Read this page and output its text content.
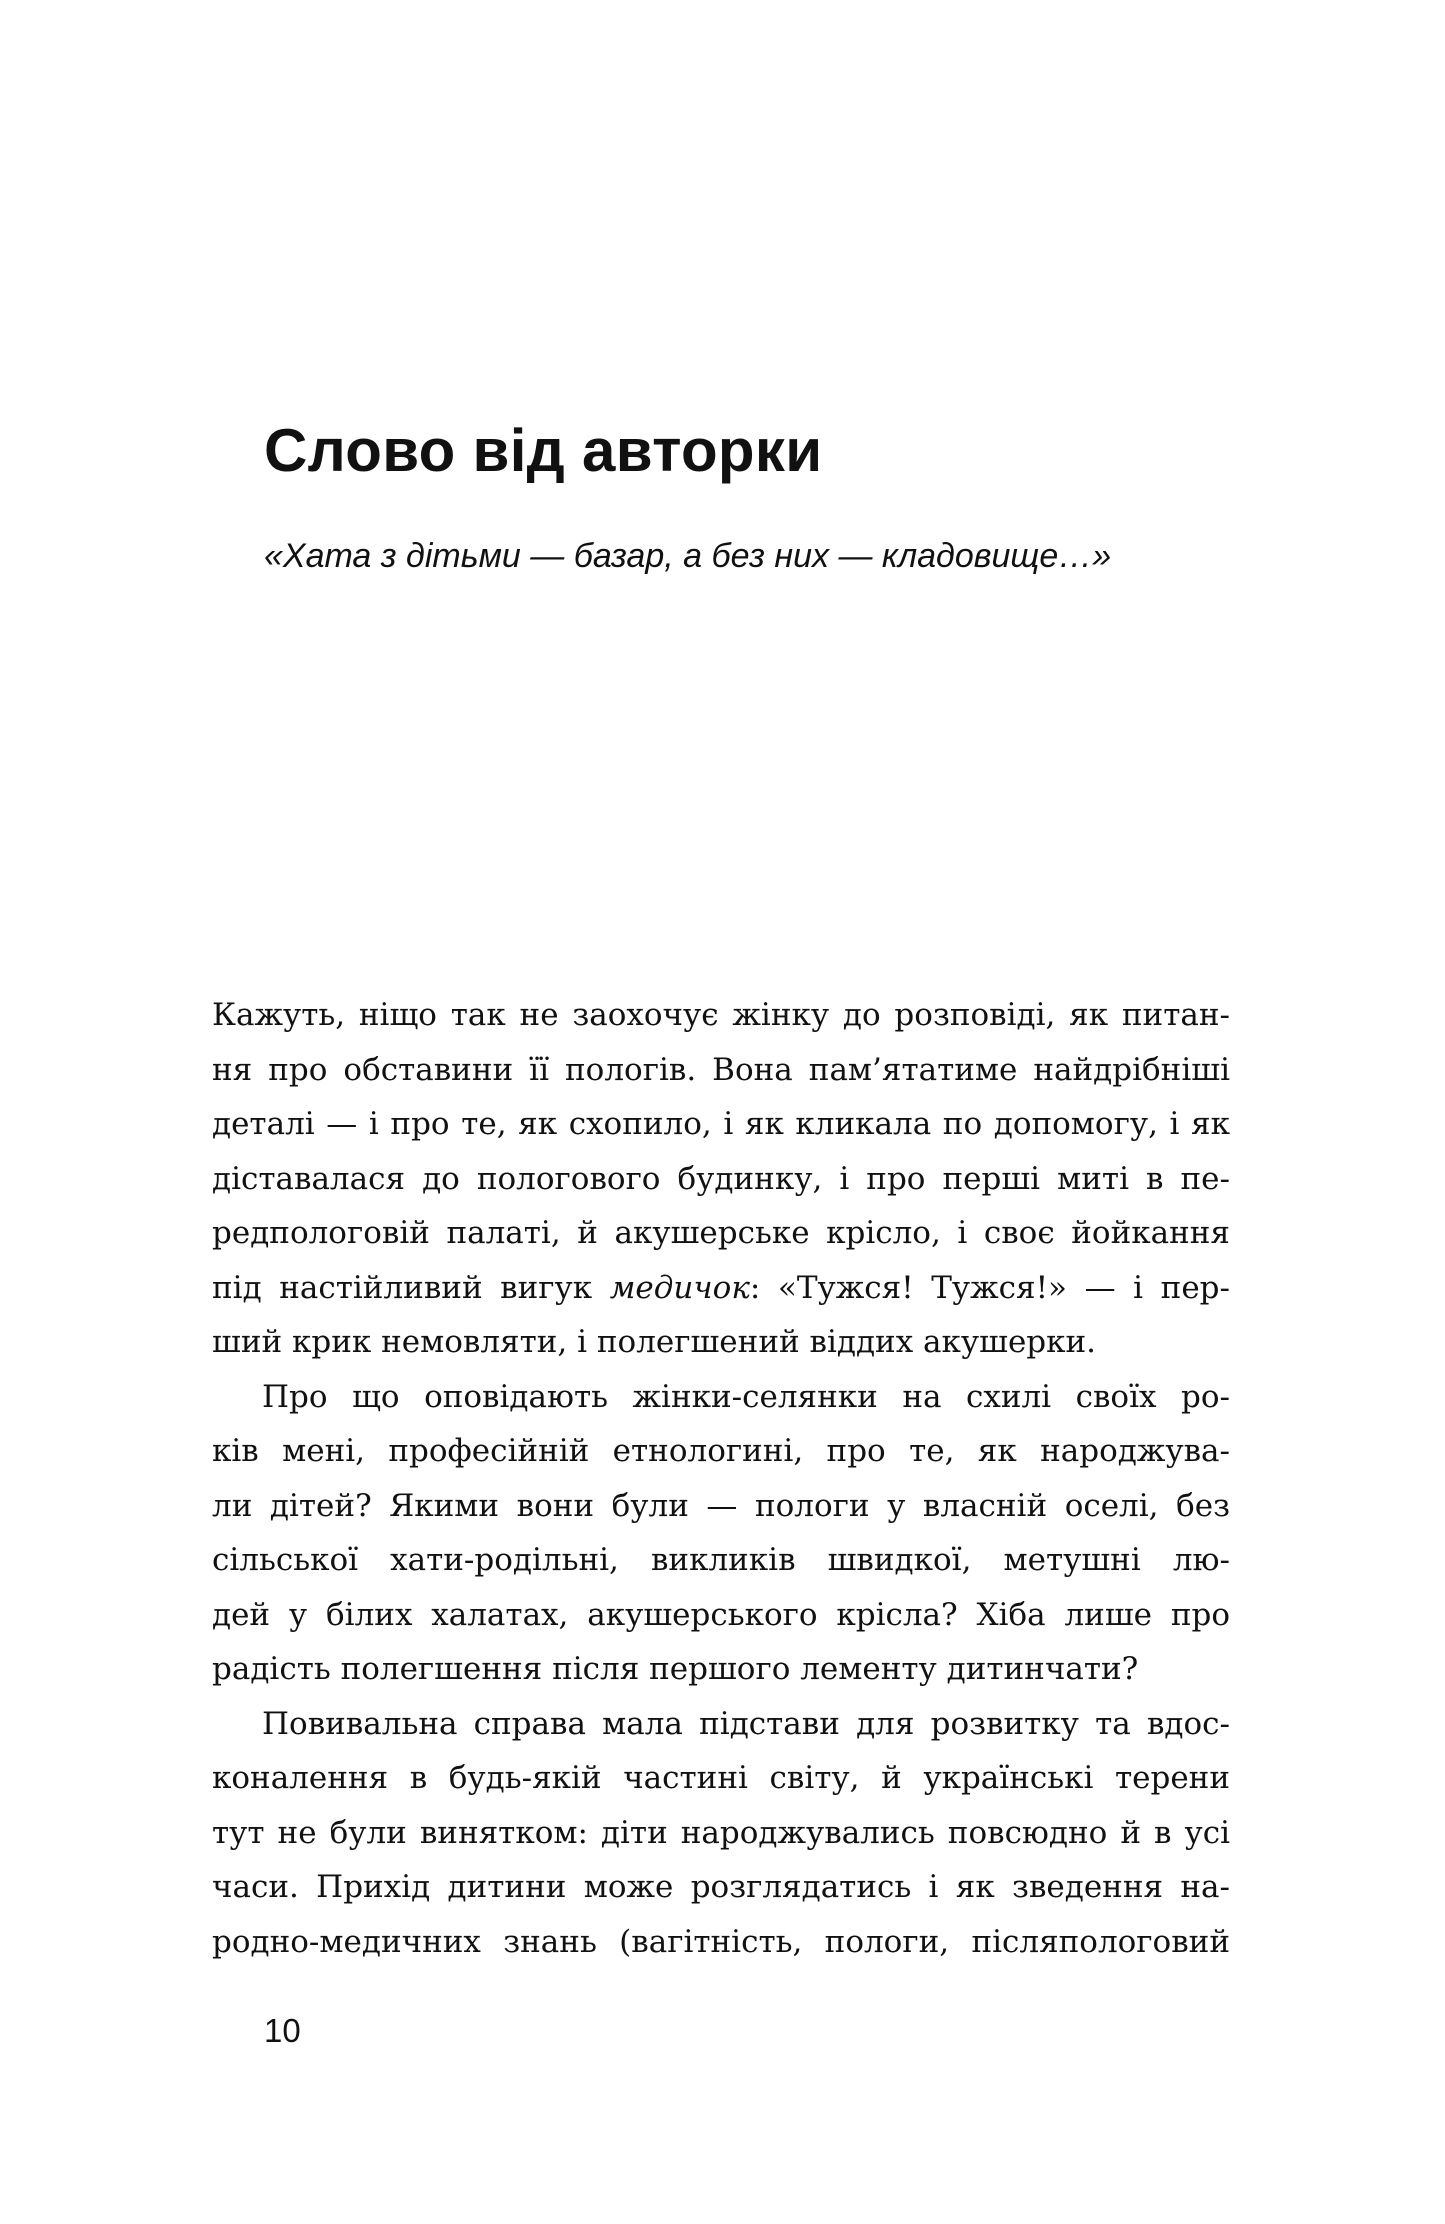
Слово від авторки

«Хата з дітьми — базар, а без них — кладовище…»

Кажуть, ніщо так не заохочує жінку до розповіді, як питан-
ня про обставини її пологів. Вона пам’ятатиме найдрібніші
деталі — і про те, як схопило, і як кликала по допомогу, і як
діставалася до пологового будинку, і про перші миті в пе-
редпологовій палаті, й акушерське крісло, і своє йойкання
під настійливий вигук медичок: «Тужся! Тужся!» — і пер-
ший крик немовляти, і полегшений віддих акушерки.
Про що оповідають жінки-селянки на схилі своїх ро-
ків мені, професійній етнологині, про те, як народжува-
ли дітей? Якими вони були — пологи у власній оселі, без
сільської хати-родільні, викликів швидкої, метушні лю-
дей у білих халатах, акушерського крісла? Хіба лише про
радість полегшення після першого лементу дитинчати?
Повивальна справа мала підстави для розвитку та вдос-
коналення в будь-якій частині світу, й українські терени
тут не були винятком: діти народжувались повсюдно й в усі
часи. Прихід дитини може розглядатись і як зведення на-
родно-медичних знань (вагітність, пологи, післяпологовий

10
